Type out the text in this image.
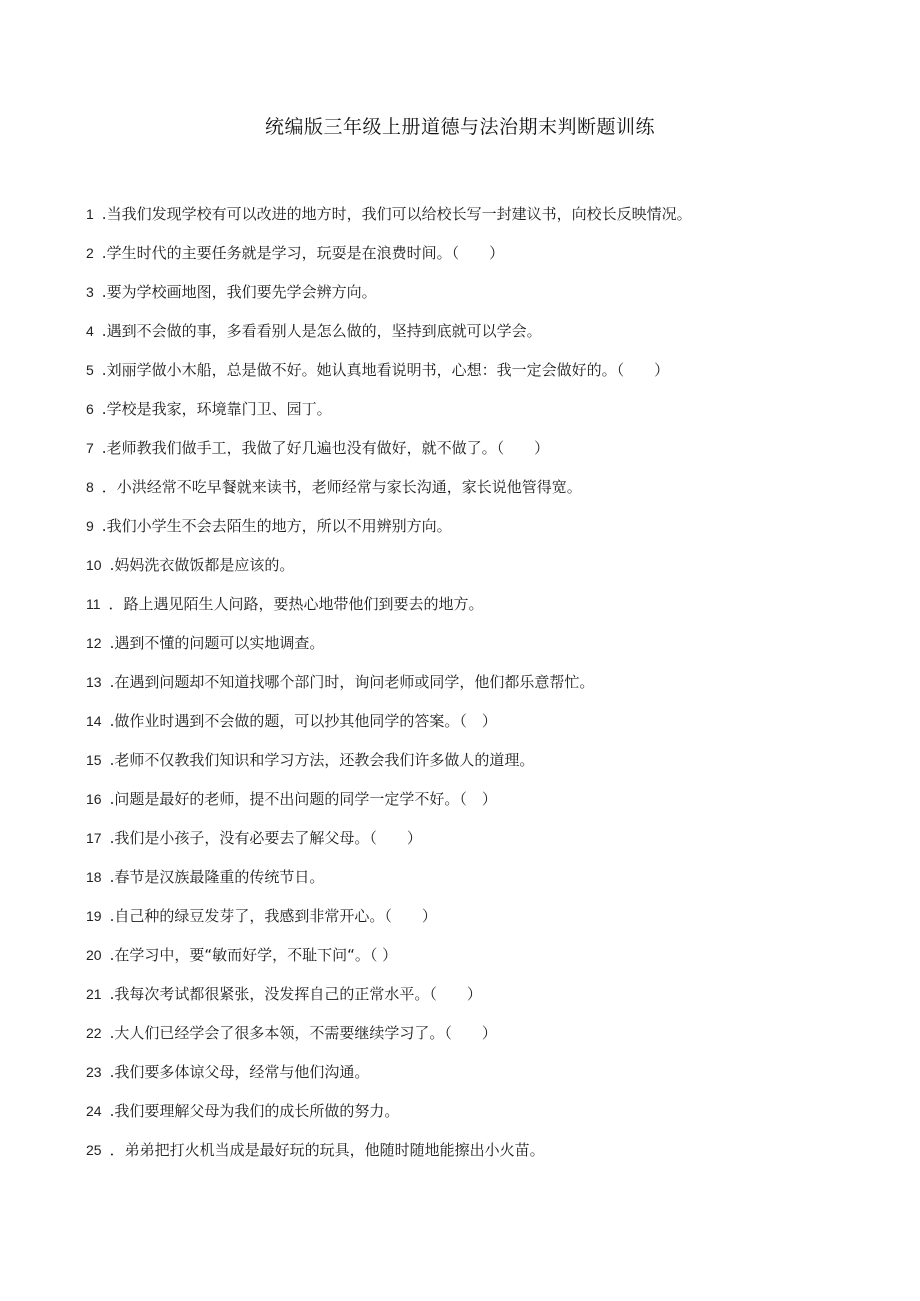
统编版三年级上册道德与法治期末判断题训练
1 .当我们发现学校有可以改进的地方时，我们可以给校长写一封建议书，向校长反映情况。
2 .学生时代的主要任务就是学习，玩耍是在浪费时间。（　　）
3 .要为学校画地图，我们要先学会辨方向。
4 .遇到不会做的事，多看看别人是怎么做的，坚持到底就可以学会。
5 .刘丽学做小木船，总是做不好。她认真地看说明书，心想：我一定会做好的。（　　）
6 .学校是我家，环境靠门卫、园丁。
7 .老师教我们做手工，我做了好几遍也没有做好，就不做了。（　　）
8 ．小洪经常不吃早餐就来读书，老师经常与家长沟通，家长说他管得宽。
9 .我们小学生不会去陌生的地方，所以不用辨别方向。
10 .妈妈洗衣做饭都是应该的。
11 ．路上遇见陌生人问路，要热心地带他们到要去的地方。
12 .遇到不懂的问题可以实地调查。
13 .在遇到问题却不知道找哪个部门时，询问老师或同学，他们都乐意帮忙。
14 .做作业时遇到不会做的题，可以抄其他同学的答案。（　）
15 .老师不仅教我们知识和学习方法，还教会我们许多做人的道理。
16 .问题是最好的老师，提不出问题的同学一定学不好。（　）
17 .我们是小孩子，没有必要去了解父母。（　　）
18 .春节是汉族最隆重的传统节日。
19 .自己种的绿豆发芽了，我感到非常开心。（　　）
20 .在学习中，要“敏而好学，不耻下问“。（ ）
21 .我每次考试都很紧张，没发挥自己的正常水平。（　　）
22 .大人们已经学会了很多本领，不需要继续学习了。（　　）
23 .我们要多体谅父母，经常与他们沟通。
24 .我们要理解父母为我们的成长所做的努力。
25 ．弟弟把打火机当成是最好玩的玩具，他随时随地能擦出小火苗。
